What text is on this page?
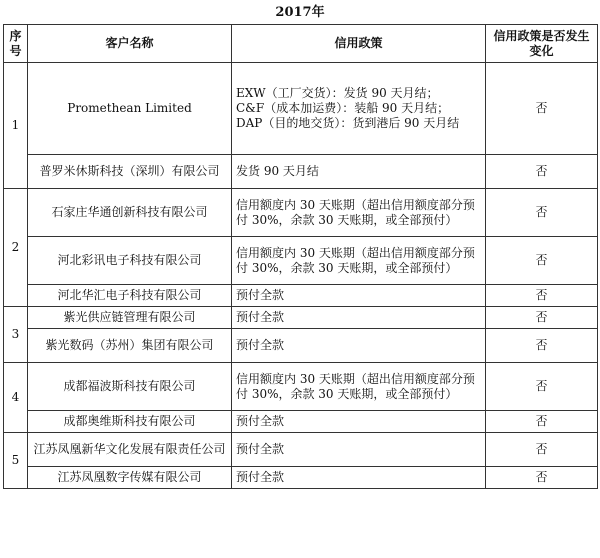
2017年
序号	客户名称	信用政策	信用政策是否发生变化
1	Promethean Limited	EXW（工厂交货）：发货 90 天月结；
C&F（成本加运费）：装船 90 天月结；
DAP（目的地交货）：货到港后 90 天月结	否
	普罗米休斯科技（深圳）有限公司	发货 90 天月结	否
2	石家庄华通创新科技有限公司	信用额度内 30 天账期（超出信用额度部分预付 30%，余款 30 天账期，或全部预付）	否
	河北彩讯电子科技有限公司	信用额度内 30 天账期（超出信用额度部分预付 30%，余款 30 天账期，或全部预付）	否
	河北华汇电子科技有限公司	预付全款	否
3	紫光供应链管理有限公司	预付全款	否
	紫光数码（苏州）集团有限公司	预付全款	否
4	成都福波斯科技有限公司	信用额度内 30 天账期（超出信用额度部分预付 30%，余款 30 天账期，或全部预付）	否
	成都奥维斯科技有限公司	预付全款	否
5	江苏凤凰新华文化发展有限责任公司	预付全款	否
	江苏凤凰数字传媒有限公司	预付全款	否
